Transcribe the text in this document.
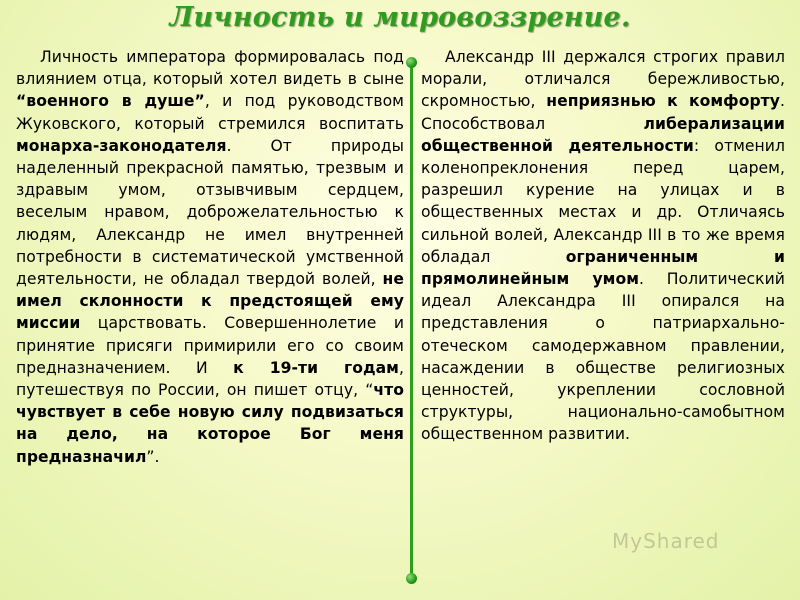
Личность и мировоззрение.

Личность императора формировалась под влиянием отца, который хотел видеть в сыне “военного в душе”, и под руководством Жуковского, который стремился воспитать монарха-законодателя. От природы наделенный прекрасной памятью, трезвым и здравым умом, отзывчивым сердцем, веселым нравом, доброжелательностью к людям, Александр не имел внутренней потребности в систематической умственной деятельности, не обладал твердой волей, не имел склонности к предстоящей ему миссии царствовать. Совершеннолетие и принятие присяги примирили его со своим предназначением. И к 19-ти годам, путешествуя по России, он пишет отцу, “что чувствует в себе новую силу подвизаться на дело, на которое Бог меня предназначил”.

Александр III держался строгих правил морали, отличался бережливостью, скромностью, неприязнью к комфорту. Способствовал либерализации общественной деятельности: отменил коленопреклонения перед царем, разрешил курение на улицах и в общественных местах и др. Отличаясь сильной волей, Александр III в то же время обладал ограниченным и прямолинейным умом. Политический идеал Александра III опирался на представления о патриархально-отеческом самодержавном правлении, насаждении в обществе религиозных ценностей, укреплении сословной структуры, национально-самобытном общественном развитии.

MyShared
